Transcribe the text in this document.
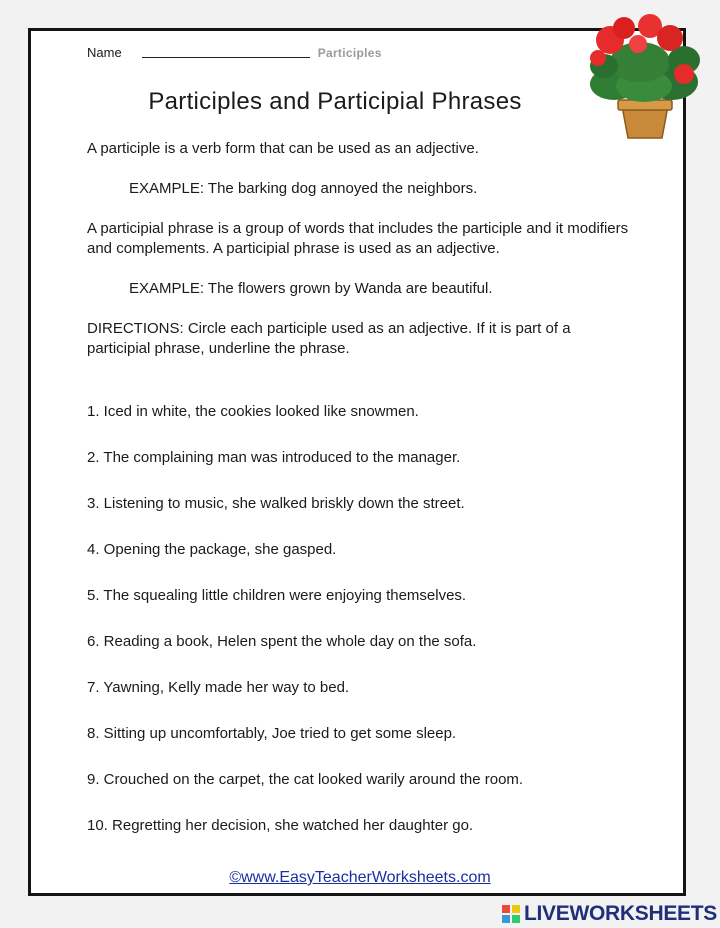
Name	Participles
Participles and Participial Phrases

A participle is a verb form that can be used as an adjective.

EXAMPLE: The barking dog annoyed the neighbors.

A participial phrase is a group of words that includes the participle and it modifiers and complements. A participial phrase is used as an adjective.

EXAMPLE: The flowers grown by Wanda are beautiful.

DIRECTIONS: Circle each participle used as an adjective. If it is part of a participial phrase, underline the phrase.

1. Iced in white, the cookies looked like snowmen.
2. The complaining man was introduced to the manager.
3. Listening to music, she walked briskly down the street.
4. Opening the package, she gasped.
5. The squealing little children were enjoying themselves.
6. Reading a book, Helen spent the whole day on the sofa.
7. Yawning, Kelly made her way to bed.
8. Sitting up uncomfortably, Joe tried to get some sleep.
9. Crouched on the carpet, the cat looked warily around the room.
10. Regretting her decision, she watched her daughter go.
©www.EasyTeacherWorksheets.com
LIVEWORKSHEETS
